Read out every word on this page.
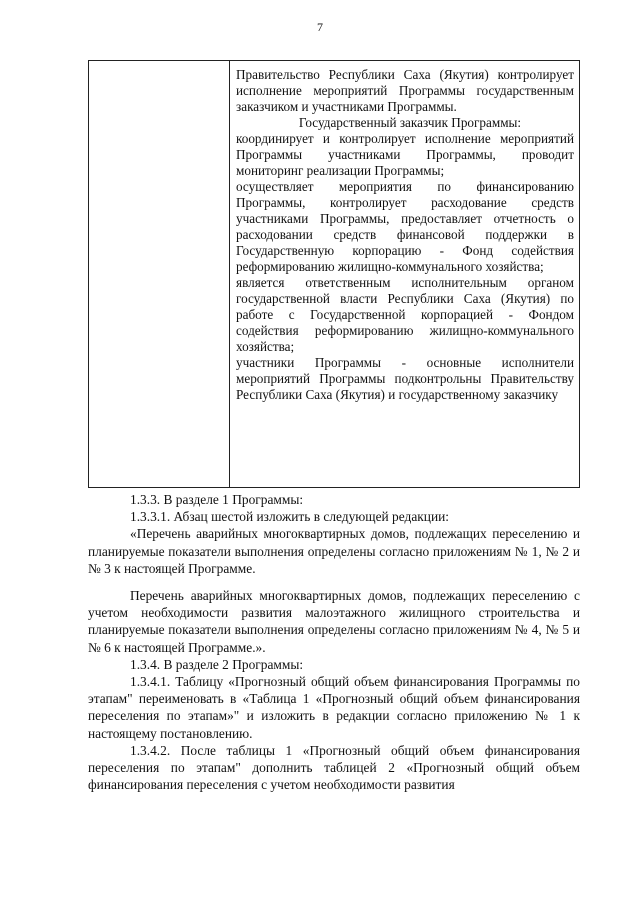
7

Правительство Республики Саха (Якутия) контролирует исполнение мероприятий Программы государственным заказчиком и участниками Программы.

Государственный заказчик Программы:

координирует и контролирует исполнение мероприятий Программы участниками Программы, проводит мониторинг реализации Программы;

осуществляет мероприятия по финансированию Программы, контролирует расходование средств участниками Программы, предоставляет отчетность о расходовании средств финансовой поддержки в Государственную корпорацию - Фонд содействия реформированию жилищно-коммунального хозяйства;

является ответственным исполнительным органом государственной власти Республики Саха (Якутия) по работе с Государственной корпорацией - Фондом содействия реформированию жилищно-коммунального хозяйства;

участники Программы - основные исполнители мероприятий Программы подконтрольны Правительству Республики Саха (Якутия) и государственному заказчику

1.3.3. В разделе 1 Программы:

1.3.3.1. Абзац шестой изложить в следующей редакции:

«Перечень аварийных многоквартирных домов, подлежащих переселению и планируемые показатели выполнения определены согласно приложениям № 1, № 2 и № 3 к настоящей Программе.

Перечень аварийных многоквартирных домов, подлежащих переселению с учетом необходимости развития малоэтажного жилищного строительства и планируемые показатели выполнения определены согласно приложениям № 4, № 5 и № 6 к настоящей Программе.».

1.3.4. В разделе 2 Программы:

1.3.4.1. Таблицу «Прогнозный общий объем финансирования Программы по этапам" переименовать в «Таблица 1 «Прогнозный общий объем финансирования переселения по этапам»" и изложить в редакции согласно приложению № 1 к настоящему постановлению.

1.3.4.2. После таблицы 1 «Прогнозный общий объем финансирования переселения по этапам" дополнить таблицей 2 «Прогнозный общий объем финансирования переселения с учетом необходимости развития
